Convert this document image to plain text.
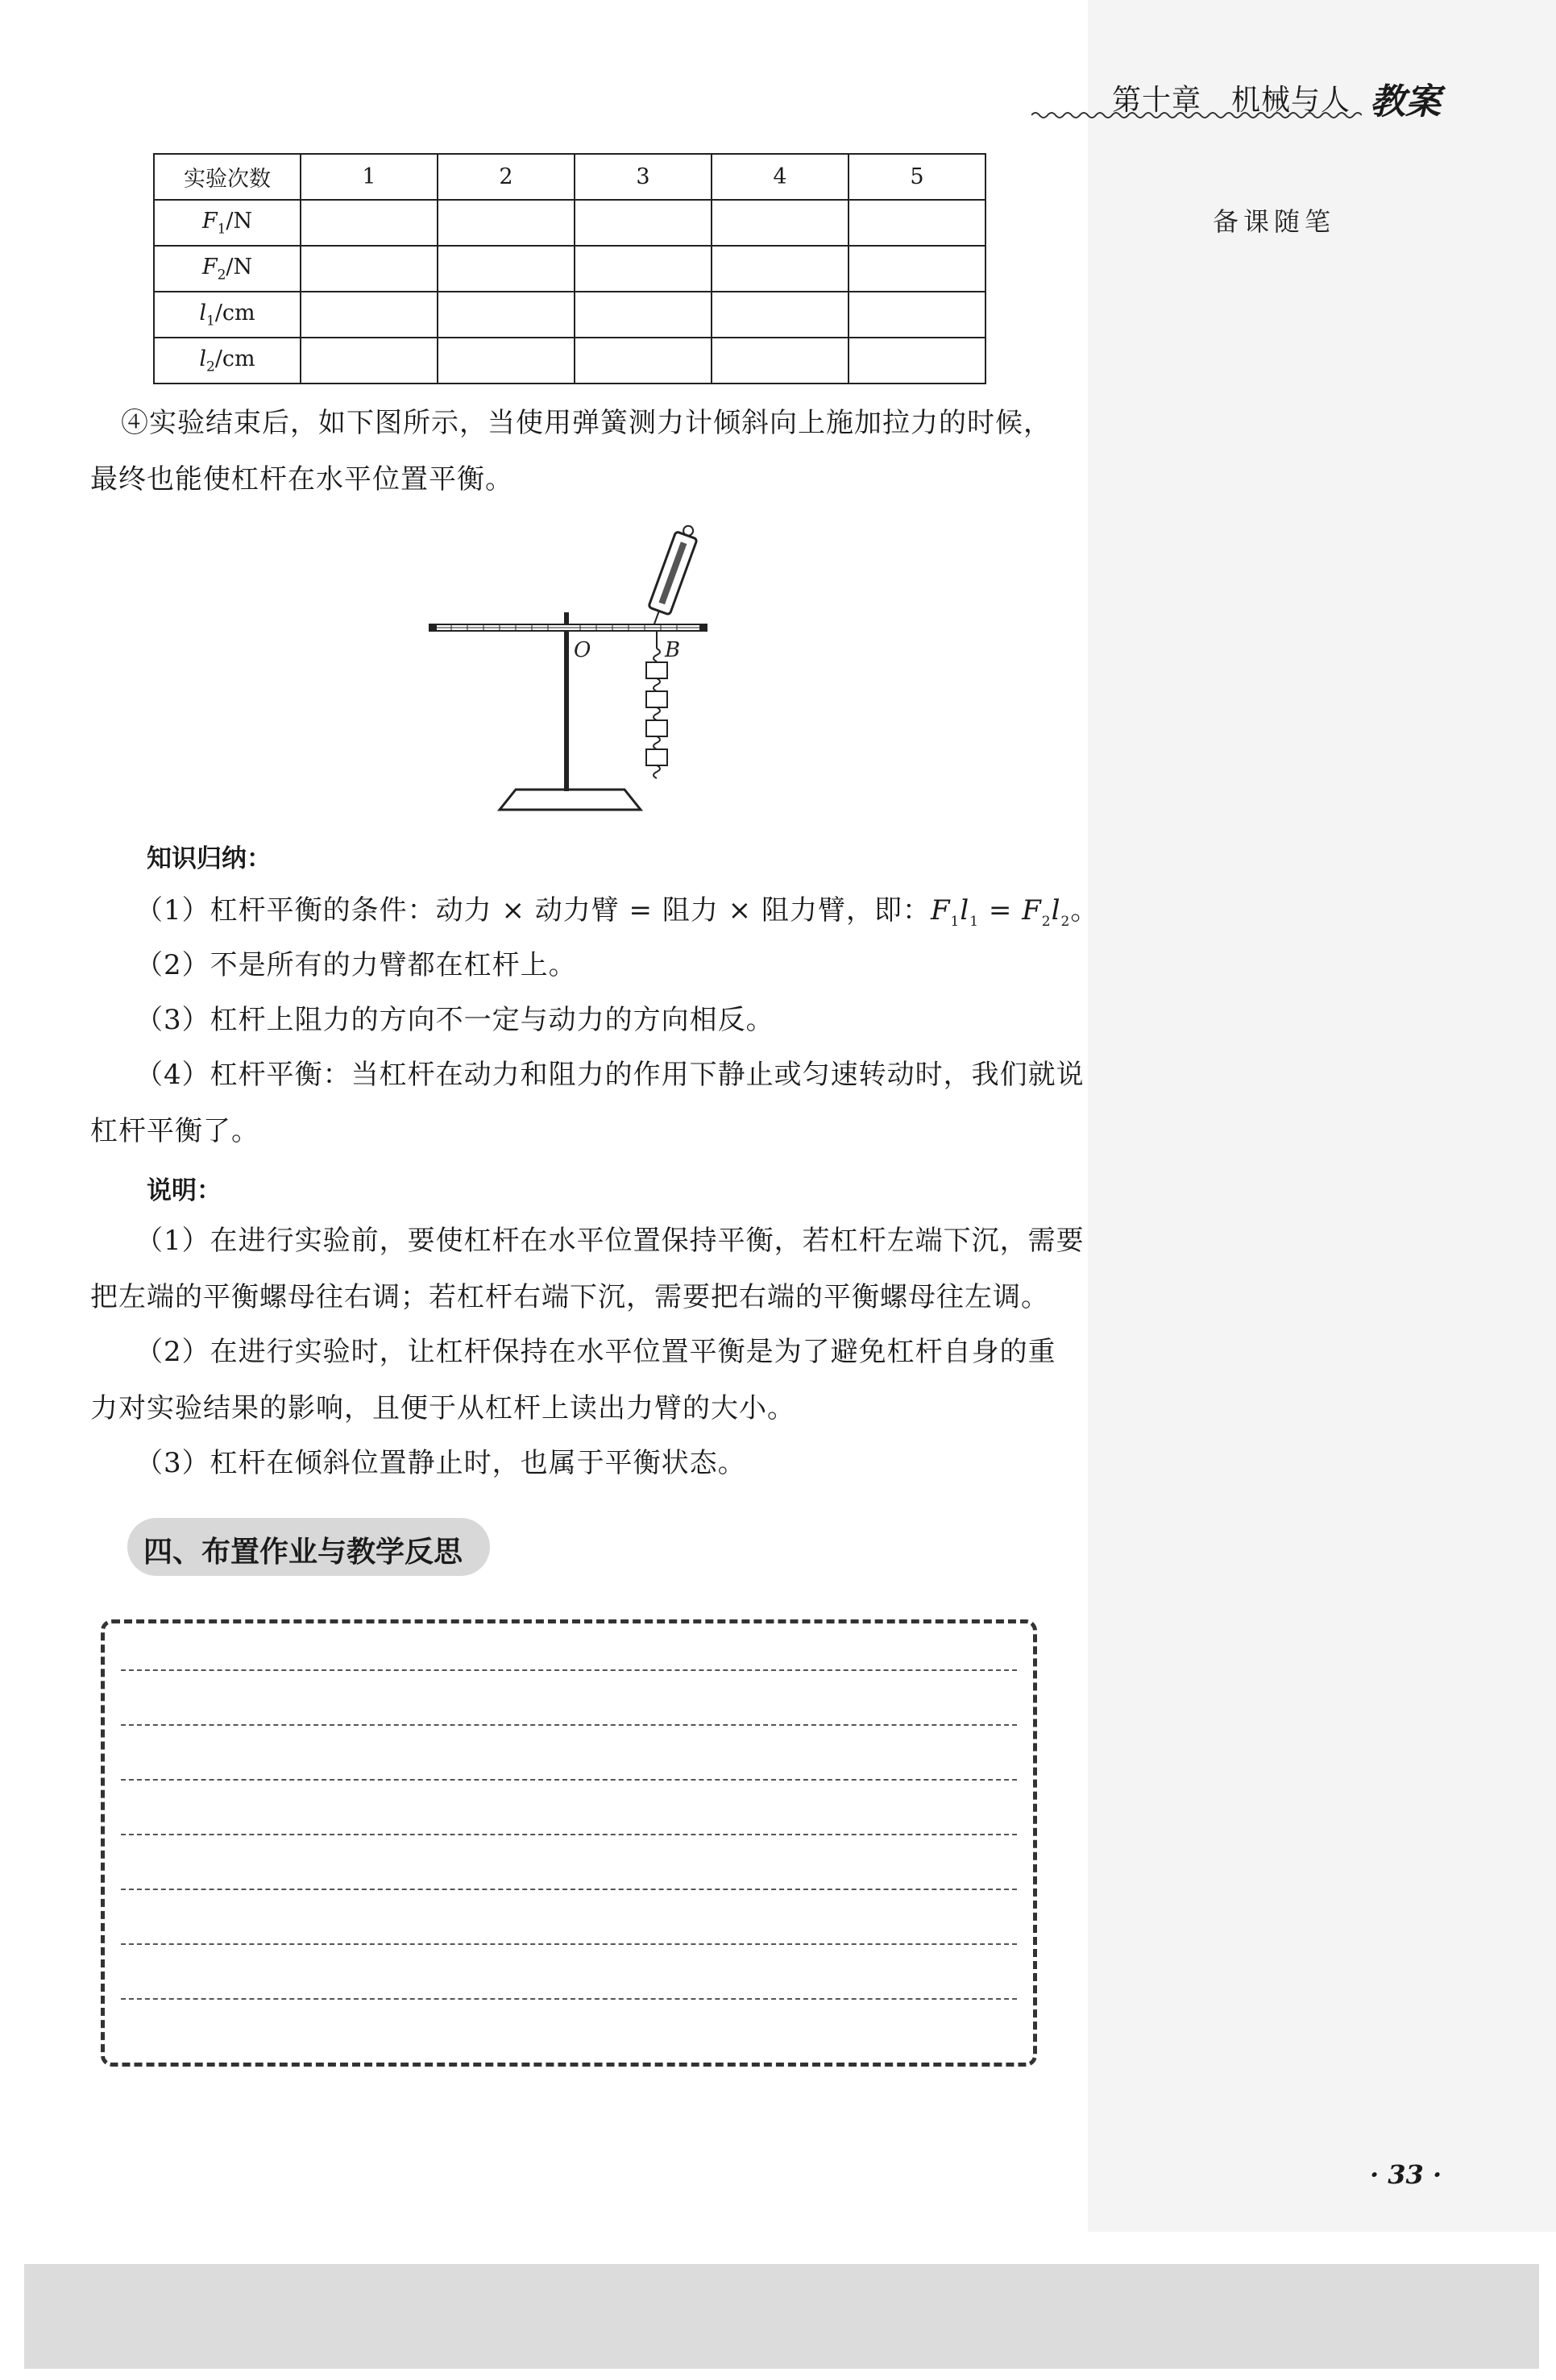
第十章　机械与人 教案
备课随笔
实验次数	1	2	3	4	5
$F_1/N$					
$F_2/N$					
$l_1/cm$					
$l_2/cm$					
④实验结束后，如下图所示，当使用弹簧测力计倾斜向上施加拉力的时候，
最终也能使杠杆在水平位置平衡。
O	B
知识归纳：
（1）杠杆平衡的条件：动力 × 动力臂 = 阻力 × 阻力臂，即：$F_1l_1 = F_2l_2$。
（2）不是所有的力臂都在杠杆上。
（3）杠杆上阻力的方向不一定与动力的方向相反。
（4）杠杆平衡：当杠杆在动力和阻力的作用下静止或匀速转动时，我们就说
杠杆平衡了。
说明：
（1）在进行实验前，要使杠杆在水平位置保持平衡，若杠杆左端下沉，需要
把左端的平衡螺母往右调；若杠杆右端下沉，需要把右端的平衡螺母往左调。
（2）在进行实验时，让杠杆保持在水平位置平衡是为了避免杠杆自身的重
力对实验结果的影响，且便于从杠杆上读出力臂的大小。
（3）杠杆在倾斜位置静止时，也属于平衡状态。
四、布置作业与教学反思
· 33 ·
